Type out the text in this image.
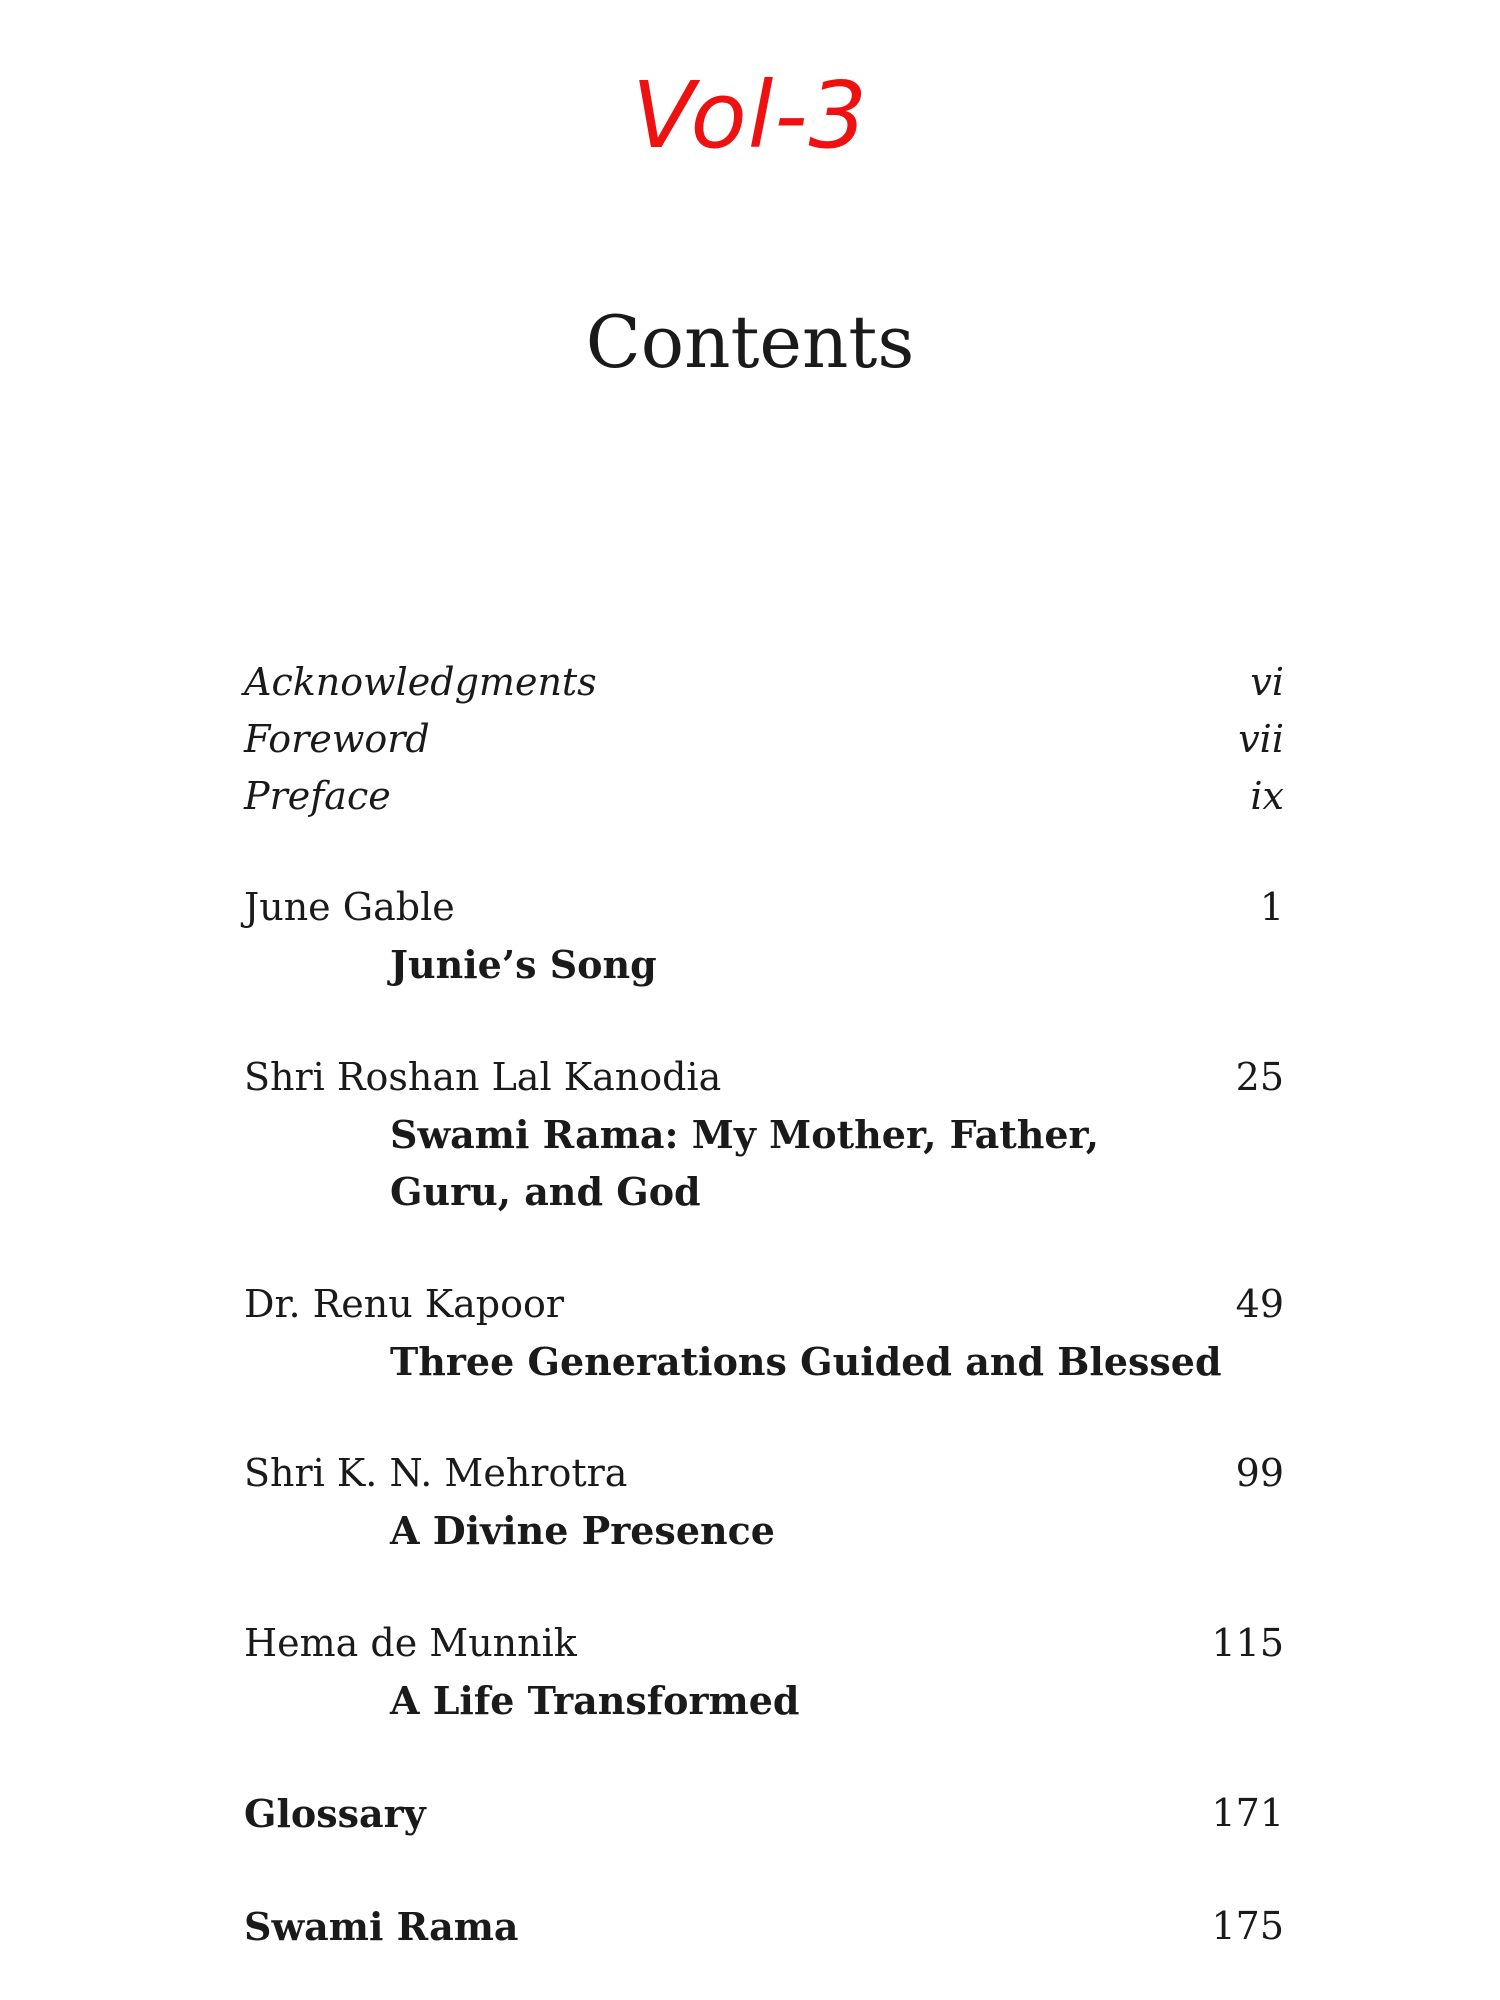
Vol-3
Contents
Acknowledgments	vi
Foreword	vii
Preface	ix
June Gable	1
Junie’s Song
Shri Roshan Lal Kanodia	25
Swami Rama: My Mother, Father,
Guru, and God
Dr. Renu Kapoor	49
Three Generations Guided and Blessed
Shri K. N. Mehrotra	99
A Divine Presence
Hema de Munnik	115
A Life Transformed
Glossary	171
Swami Rama	175
